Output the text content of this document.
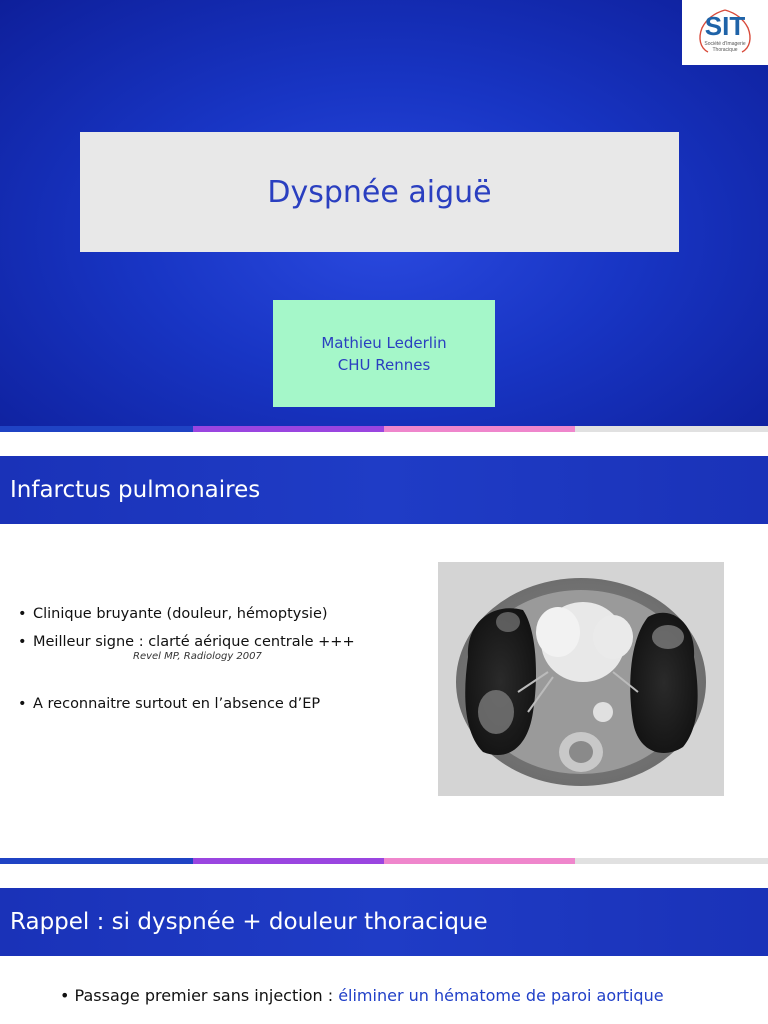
SIT
Société d'Imagerie Thoracique
Dyspnée aiguë
Mathieu Lederlin
CHU Rennes
Infarctus pulmonaires
• Clinique bruyante (douleur, hémoptysie)
• Meilleur signe : clarté aérique centrale +++
Revel MP, Radiology 2007
• A reconnaitre surtout en l’absence d’EP
Rappel : si dyspnée + douleur thoracique
• Passage premier sans injection : éliminer un hématome de paroi aortique
